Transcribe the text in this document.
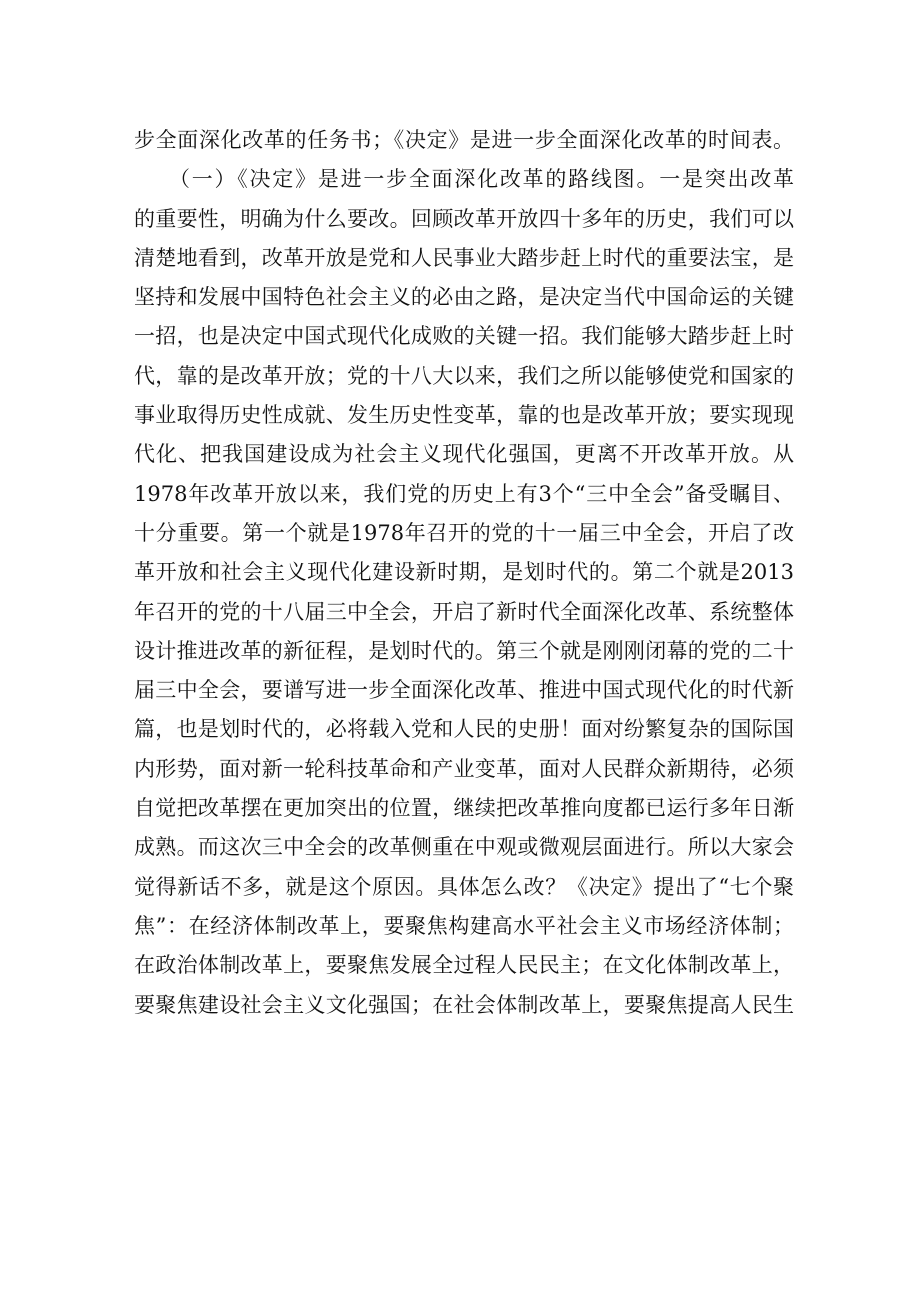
步全面深化改革的任务书；《决定》是进一步全面深化改革的时间表。
　　（一）《决定》是进一步全面深化改革的路线图。一是突出改革
的重要性，明确为什么要改。回顾改革开放四十多年的历史，我们可以
清楚地看到，改革开放是党和人民事业大踏步赶上时代的重要法宝，是
坚持和发展中国特色社会主义的必由之路，是决定当代中国命运的关键
一招，也是决定中国式现代化成败的关键一招。我们能够大踏步赶上时
代，靠的是改革开放；党的十八大以来，我们之所以能够使党和国家的
事业取得历史性成就、发生历史性变革，靠的也是改革开放；要实现现
代化、把我国建设成为社会主义现代化强国，更离不开改革开放。从
1978年改革开放以来，我们党的历史上有3个“三中全会”备受瞩目、
十分重要。第一个就是1978年召开的党的十一届三中全会，开启了改
革开放和社会主义现代化建设新时期，是划时代的。第二个就是2013
年召开的党的十八届三中全会，开启了新时代全面深化改革、系统整体
设计推进改革的新征程，是划时代的。第三个就是刚刚闭幕的党的二十
届三中全会，要谱写进一步全面深化改革、推进中国式现代化的时代新
篇，也是划时代的，必将载入党和人民的史册！面对纷繁复杂的国际国
内形势，面对新一轮科技革命和产业变革，面对人民群众新期待，必须
自觉把改革摆在更加突出的位置，继续把改革推向度都已运行多年日渐
成熟。而这次三中全会的改革侧重在中观或微观层面进行。所以大家会
觉得新话不多，就是这个原因。具体怎么改？《决定》提出了“七个聚
焦”：在经济体制改革上，要聚焦构建高水平社会主义市场经济体制；
在政治体制改革上，要聚焦发展全过程人民民主；在文化体制改革上，
要聚焦建设社会主义文化强国；在社会体制改革上，要聚焦提高人民生
